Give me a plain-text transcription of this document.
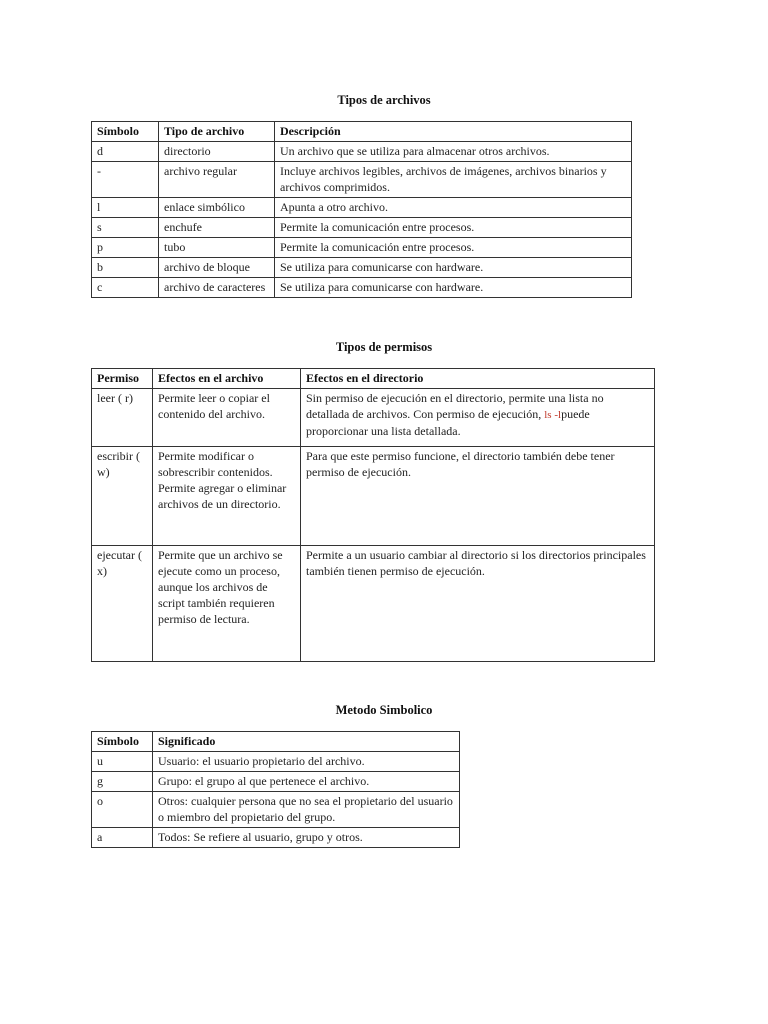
Tipos de archivos
Símbolo	Tipo de archivo	Descripción
d	directorio	Un archivo que se utiliza para almacenar otros archivos.
-	archivo regular	Incluye archivos legibles, archivos de imágenes, archivos binarios y archivos comprimidos.
l	enlace simbólico	Apunta a otro archivo.
s	enchufe	Permite la comunicación entre procesos.
p	tubo	Permite la comunicación entre procesos.
b	archivo de bloque	Se utiliza para comunicarse con hardware.
c	archivo de caracteres	Se utiliza para comunicarse con hardware.
Tipos de permisos
Permiso	Efectos en el archivo	Efectos en el directorio
leer ( r)	Permite leer o copiar el contenido del archivo.	Sin permiso de ejecución en el directorio, permite una lista no detallada de archivos. Con permiso de ejecución, ls -lpuede proporcionar una lista detallada.
escribir ( w)	Permite modificar o sobrescribir contenidos. Permite agregar o eliminar archivos de un directorio.	Para que este permiso funcione, el directorio también debe tener permiso de ejecución.
ejecutar ( x)	Permite que un archivo se ejecute como un proceso, aunque los archivos de script también requieren permiso de lectura.	Permite a un usuario cambiar al directorio si los directorios principales también tienen permiso de ejecución.
Metodo Simbolico
Símbolo	Significado
u	Usuario: el usuario propietario del archivo.
g	Grupo: el grupo al que pertenece el archivo.
o	Otros: cualquier persona que no sea el propietario del usuario o miembro del propietario del grupo.
a	Todos: Se refiere al usuario, grupo y otros.
